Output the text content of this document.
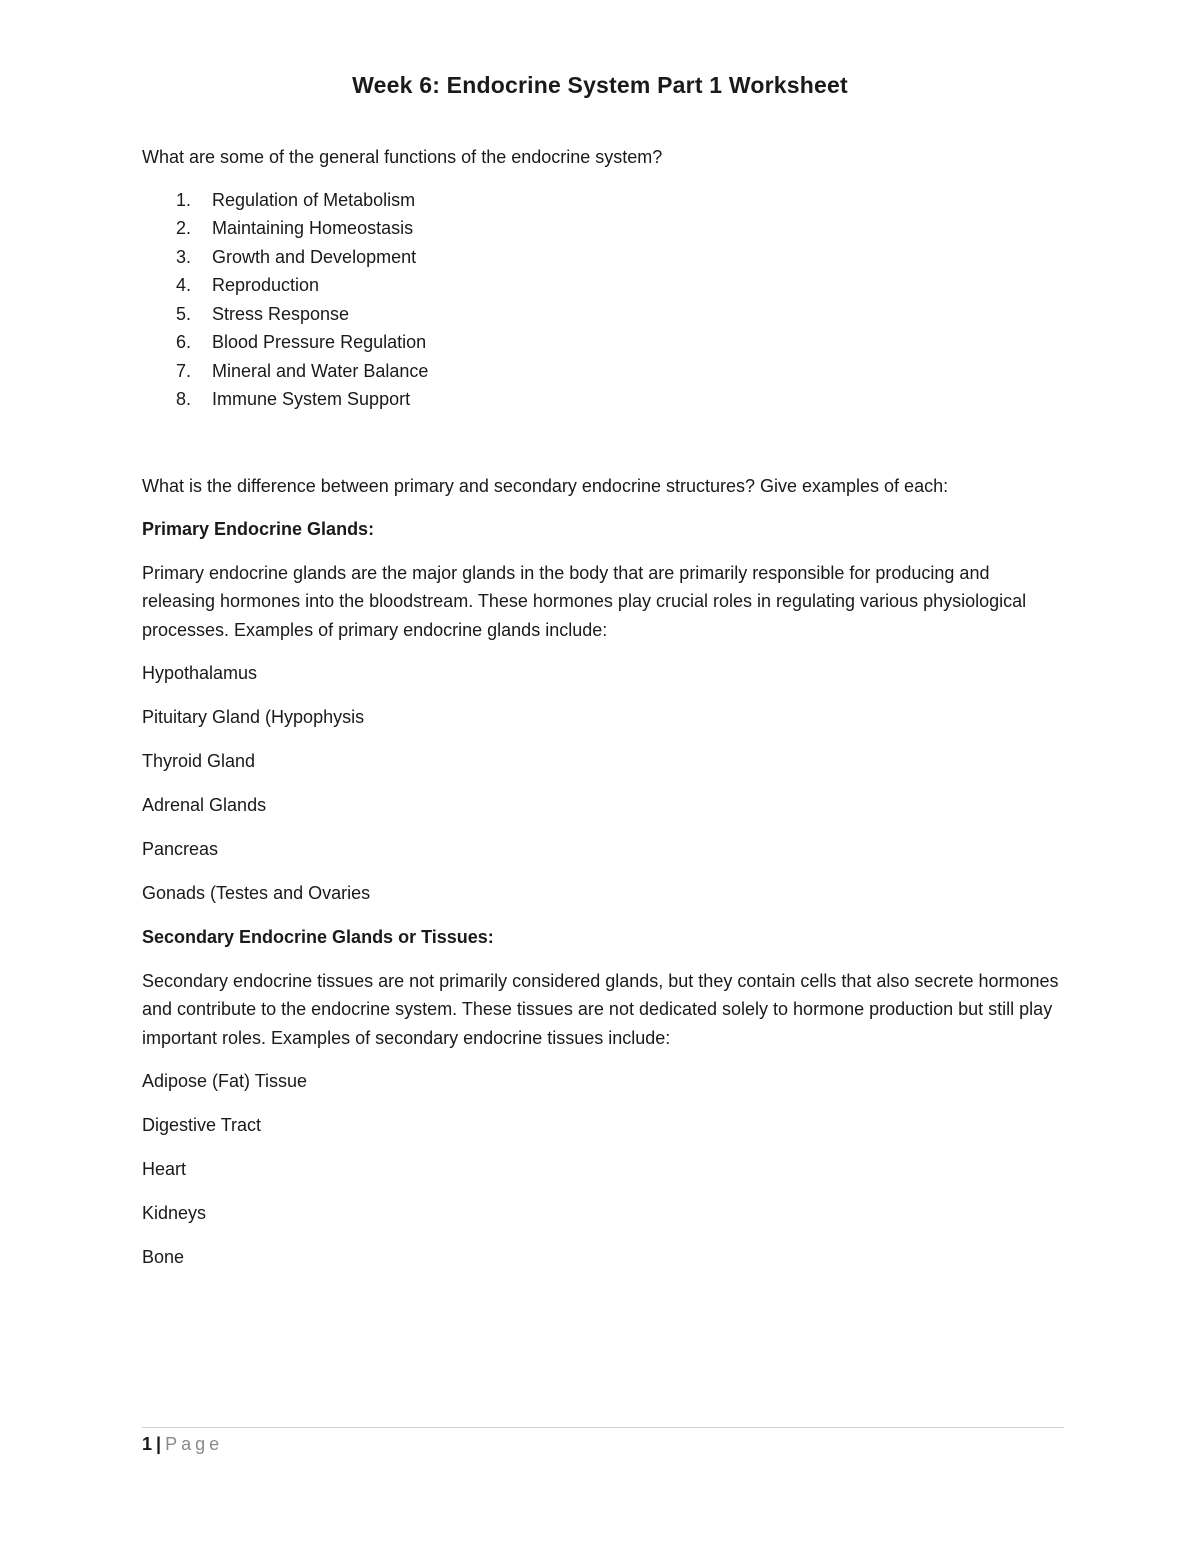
Week 6: Endocrine System Part 1 Worksheet

What are some of the general functions of the endocrine system?

1. Regulation of Metabolism
2. Maintaining Homeostasis
3. Growth and Development
4. Reproduction
5. Stress Response
6. Blood Pressure Regulation
7. Mineral and Water Balance
8. Immune System Support

What is the difference between primary and secondary endocrine structures? Give examples of each:

Primary Endocrine Glands:

Primary endocrine glands are the major glands in the body that are primarily responsible for producing and releasing hormones into the bloodstream. These hormones play crucial roles in regulating various physiological processes. Examples of primary endocrine glands include:

Hypothalamus

Pituitary Gland (Hypophysis

Thyroid Gland

Adrenal Glands

Pancreas

Gonads (Testes and Ovaries

Secondary Endocrine Glands or Tissues:

Secondary endocrine tissues are not primarily considered glands, but they contain cells that also secrete hormones and contribute to the endocrine system. These tissues are not dedicated solely to hormone production but still play important roles. Examples of secondary endocrine tissues include:

Adipose (Fat) Tissue

Digestive Tract

Heart

Kidneys

Bone

1 | Page
